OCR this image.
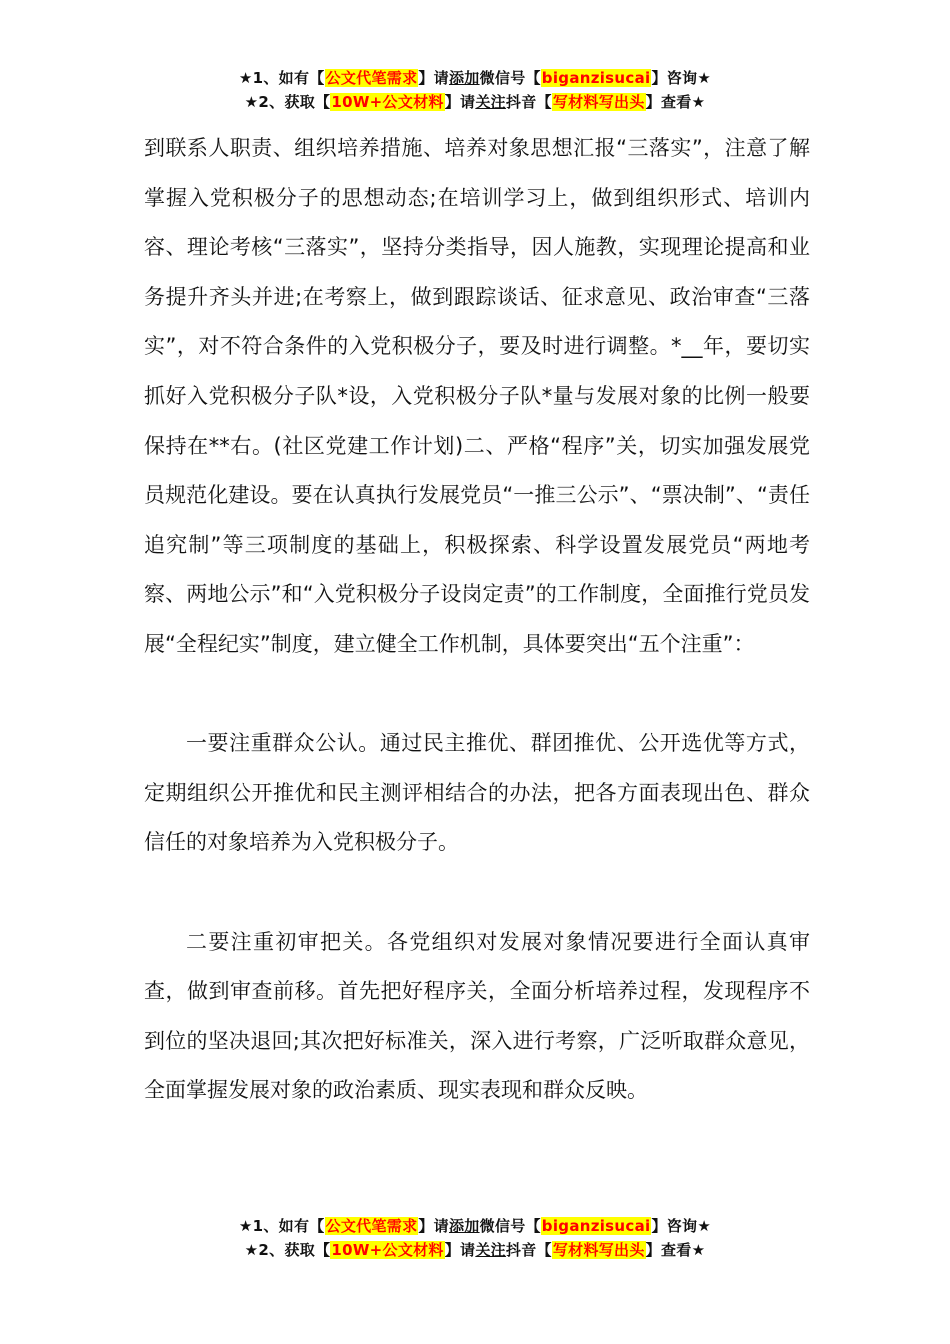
★1、如有【公文代笔需求】请添加微信号【biganzisucai】咨询★
★2、获取【10W+公文材料】请关注抖音【写材料写出头】查看★

到联系人职责、组织培养措施、培养对象思想汇报“三落实”，注意了解掌握入党积极分子的思想动态;在培训学习上，做到组织形式、培训内容、理论考核“三落实”，坚持分类指导，因人施教，实现理论提高和业务提升齐头并进;在考察上，做到跟踪谈话、征求意见、政治审查“三落实”，对不符合条件的入党积极分子，要及时进行调整。*__年，要切实抓好入党积极分子队*设，入党积极分子队*量与发展对象的比例一般要保持在**右。(社区党建工作计划)二、严格“程序”关，切实加强发展党员规范化建设。要在认真执行发展党员“一推三公示”、“票决制”、“责任追究制”等三项制度的基础上，积极探索、科学设置发展党员“两地考察、两地公示”和“入党积极分子设岗定责”的工作制度，全面推行党员发展“全程纪实”制度，建立健全工作机制，具体要突出“五个注重”：

一要注重群众公认。通过民主推优、群团推优、公开选优等方式，定期组织公开推优和民主测评相结合的办法，把各方面表现出色、群众信任的对象培养为入党积极分子。

二要注重初审把关。各党组织对发展对象情况要进行全面认真审查，做到审查前移。首先把好程序关，全面分析培养过程，发现程序不到位的坚决退回;其次把好标准关，深入进行考察，广泛听取群众意见，全面掌握发展对象的政治素质、现实表现和群众反映。

★1、如有【公文代笔需求】请添加微信号【biganzisucai】咨询★
★2、获取【10W+公文材料】请关注抖音【写材料写出头】查看★
